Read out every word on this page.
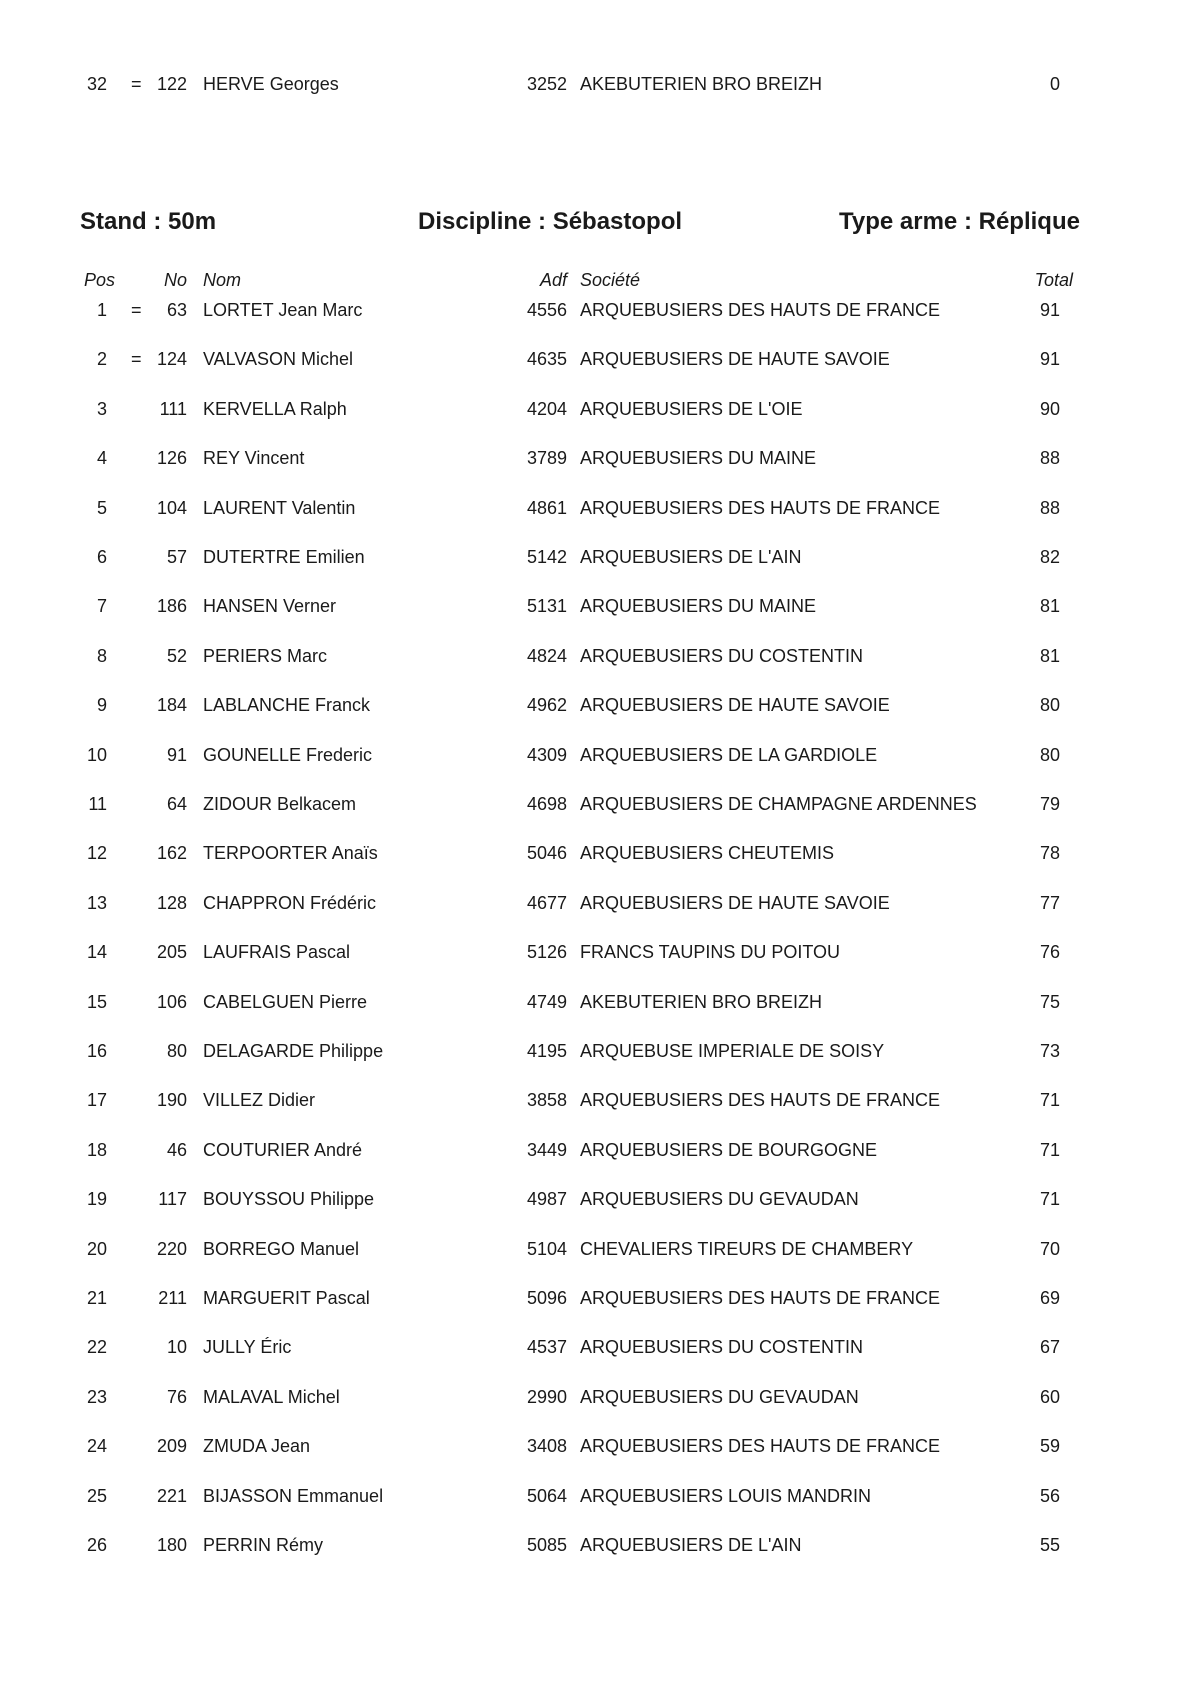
32 = 122 HERVE Georges	3252 AKEBUTERIEN BRO BREIZH	0
Stand : 50m	Discipline : Sébastopol	Type arme : Réplique
Pos	No Nom	Adf Société	Total
1 = 63 LORTET Jean Marc	4556 ARQUEBUSIERS DES HAUTS DE FRANCE	91
2 = 124 VALVASON Michel	4635 ARQUEBUSIERS DE HAUTE SAVOIE	91
3	111 KERVELLA Ralph	4204 ARQUEBUSIERS DE L'OIE	90
4	126 REY Vincent	3789 ARQUEBUSIERS DU MAINE	88
5	104 LAURENT Valentin	4861 ARQUEBUSIERS DES HAUTS DE FRANCE	88
6	57 DUTERTRE Emilien	5142 ARQUEBUSIERS DE L'AIN	82
7	186 HANSEN Verner	5131 ARQUEBUSIERS DU MAINE	81
8	52 PERIERS Marc	4824 ARQUEBUSIERS DU COSTENTIN	81
9	184 LABLANCHE Franck	4962 ARQUEBUSIERS DE HAUTE SAVOIE	80
10	91 GOUNELLE Frederic	4309 ARQUEBUSIERS DE LA GARDIOLE	80
11	64 ZIDOUR Belkacem	4698 ARQUEBUSIERS DE CHAMPAGNE ARDENNES	79
12	162 TERPOORTER Anaïs	5046 ARQUEBUSIERS CHEUTEMIS	78
13	128 CHAPPRON Frédéric	4677 ARQUEBUSIERS DE HAUTE SAVOIE	77
14	205 LAUFRAIS Pascal	5126 FRANCS TAUPINS DU POITOU	76
15	106 CABELGUEN Pierre	4749 AKEBUTERIEN BRO BREIZH	75
16	80 DELAGARDE Philippe	4195 ARQUEBUSE IMPERIALE DE SOISY	73
17	190 VILLEZ Didier	3858 ARQUEBUSIERS DES HAUTS DE FRANCE	71
18	46 COUTURIER André	3449 ARQUEBUSIERS DE BOURGOGNE	71
19	117 BOUYSSOU Philippe	4987 ARQUEBUSIERS DU GEVAUDAN	71
20	220 BORREGO Manuel	5104 CHEVALIERS TIREURS DE CHAMBERY	70
21	211 MARGUERIT Pascal	5096 ARQUEBUSIERS DES HAUTS DE FRANCE	69
22	10 JULLY Éric	4537 ARQUEBUSIERS DU COSTENTIN	67
23	76 MALAVAL Michel	2990 ARQUEBUSIERS DU GEVAUDAN	60
24	209 ZMUDA Jean	3408 ARQUEBUSIERS DES HAUTS DE FRANCE	59
25	221 BIJASSON Emmanuel	5064 ARQUEBUSIERS LOUIS MANDRIN	56
26	180 PERRIN Rémy	5085 ARQUEBUSIERS DE L'AIN	55
